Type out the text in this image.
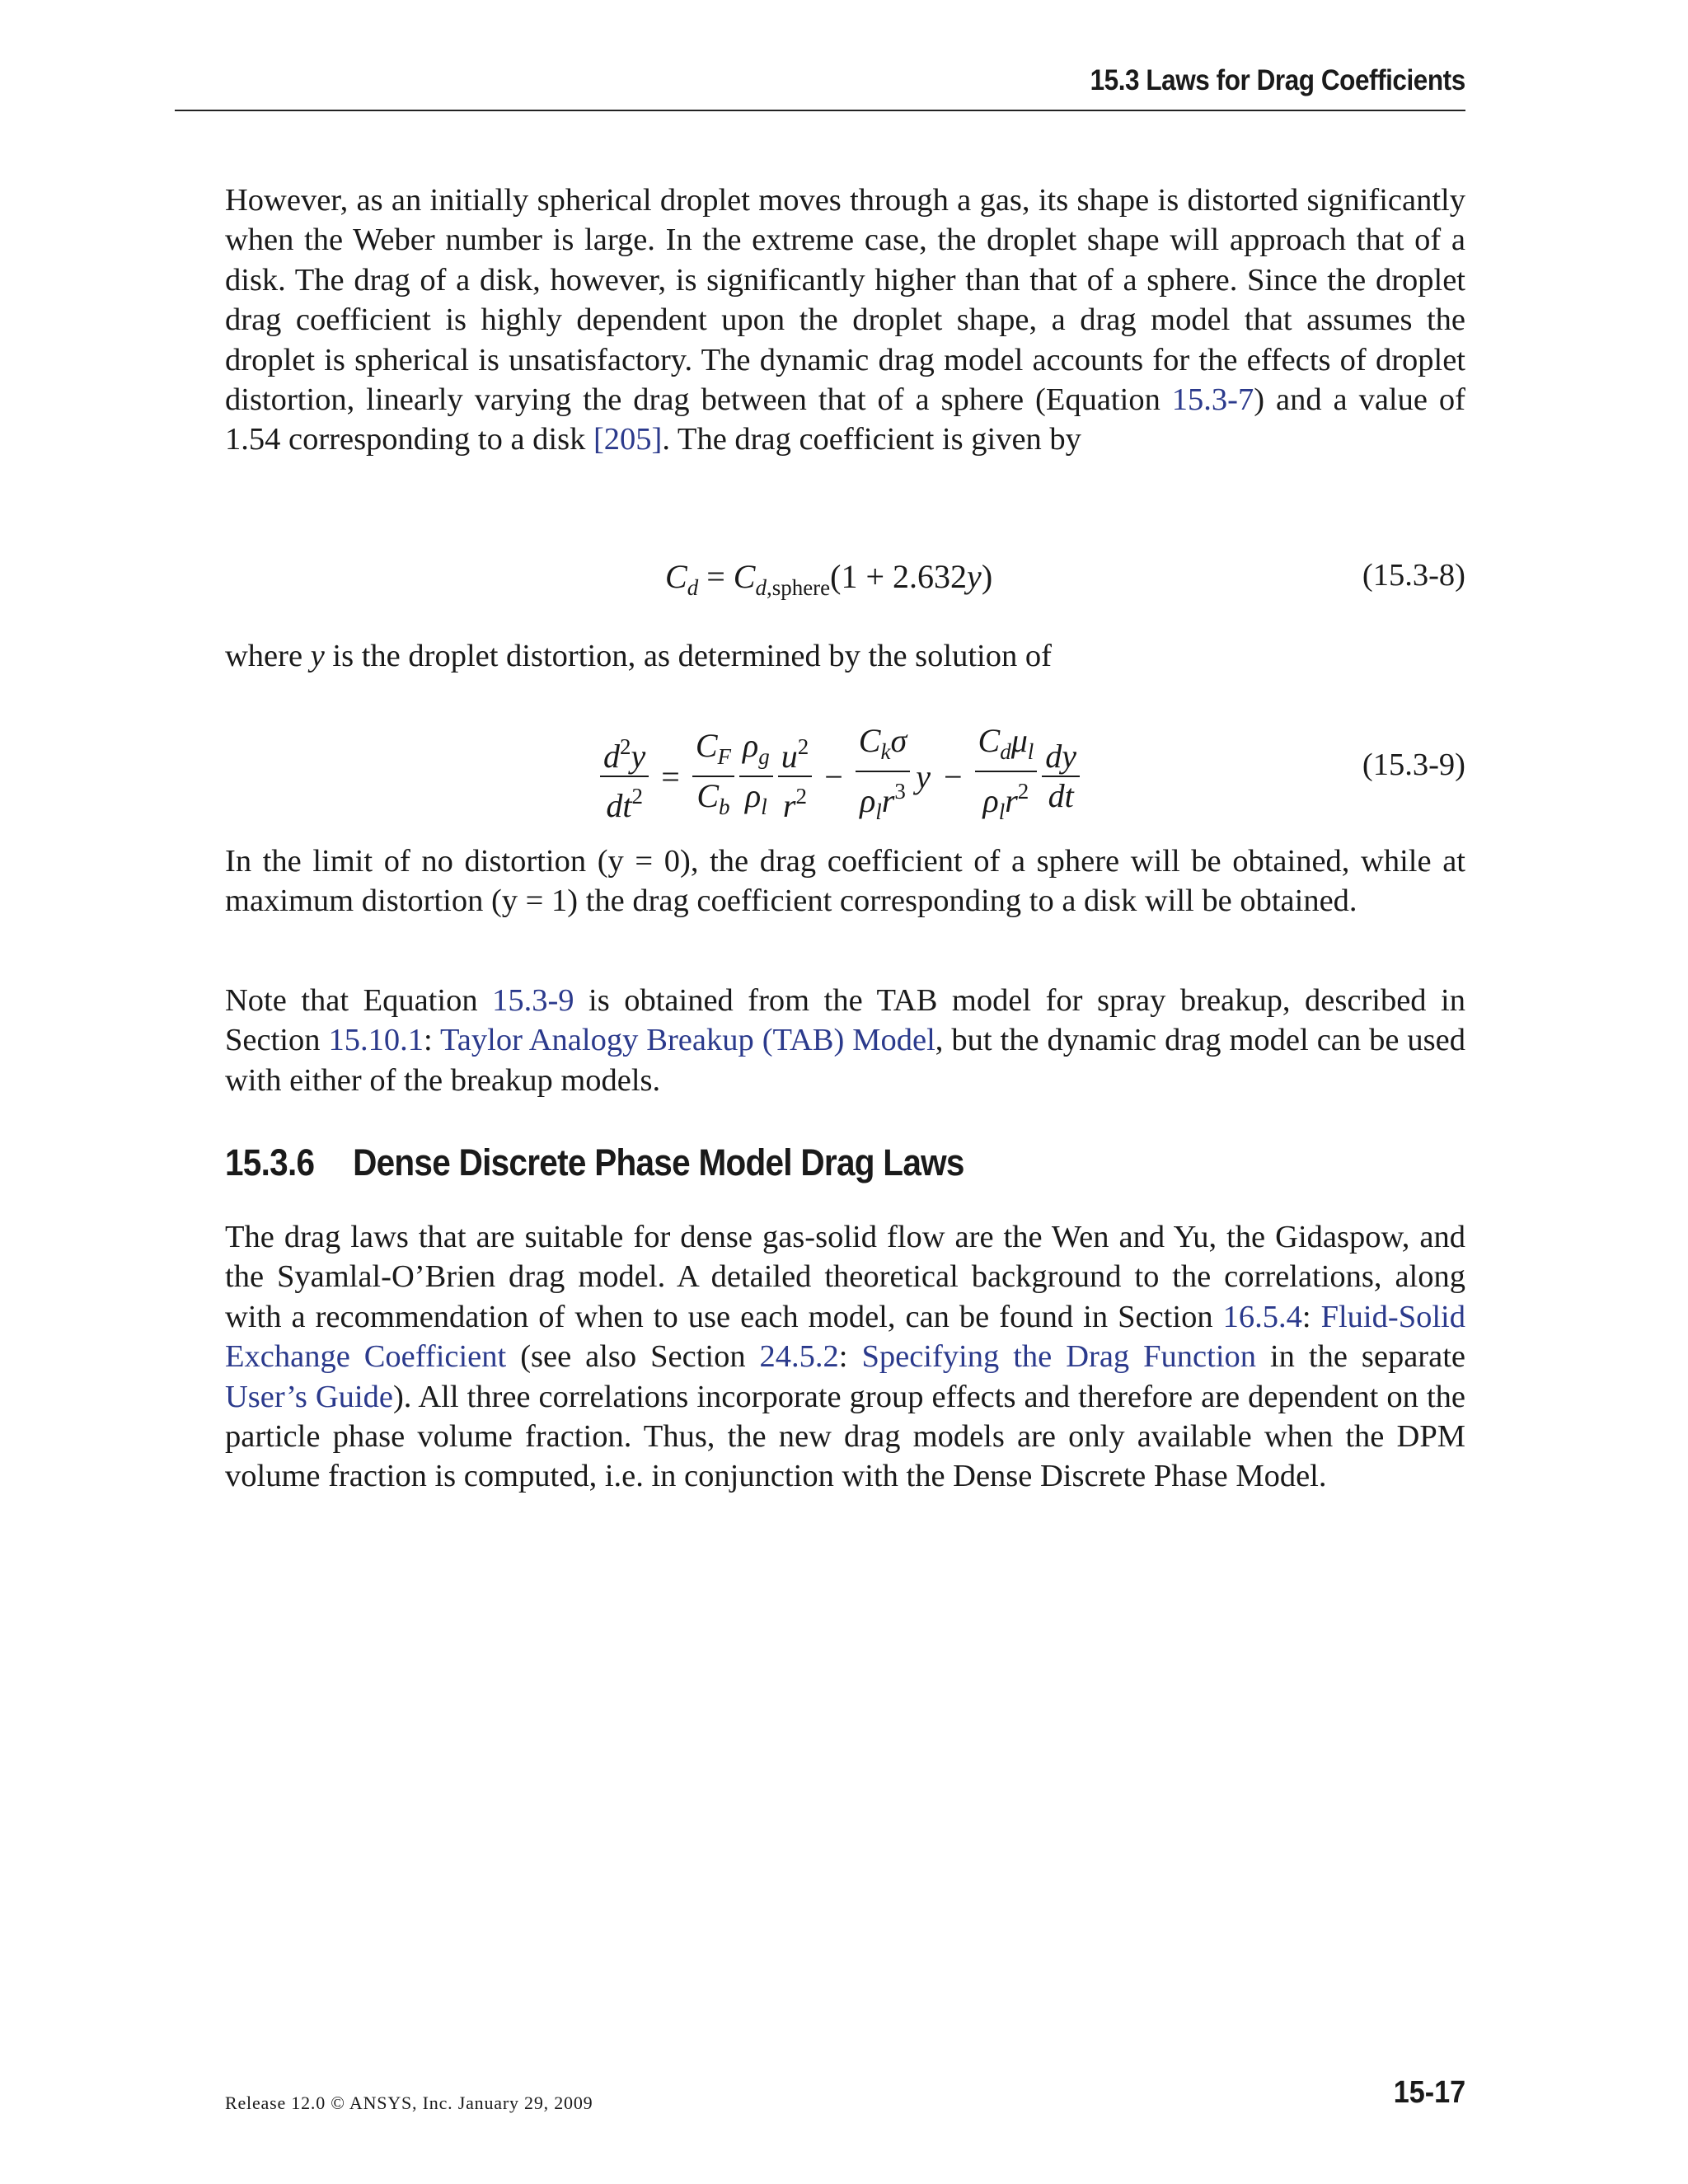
15.3 Laws for Drag Coefficients

However, as an initially spherical droplet moves through a gas, its shape is distorted significantly when the Weber number is large. In the extreme case, the droplet shape will approach that of a disk. The drag of a disk, however, is significantly higher than that of a sphere. Since the droplet drag coefficient is highly dependent upon the droplet shape, a drag model that assumes the droplet is spherical is unsatisfactory. The dynamic drag model accounts for the effects of droplet distortion, linearly varying the drag between that of a sphere (Equation 15.3-7) and a value of 1.54 corresponding to a disk [205]. The drag coefficient is given by

$C_d = C_{d,sphere}(1 + 2.632y)$	(15.3-8)

where y is the droplet distortion, as determined by the solution of

$\frac{d^2y}{dt^2} = \frac{C_F}{C_b} \frac{\rho_g}{\rho_l} \frac{u^2}{r^2} - \frac{C_k\sigma}{\rho_lr^3}$ $y - \frac{C_d\mu_l}{\rho_lr^2} \frac{dy}{dt}$	(15.3-9)

In the limit of no distortion (y = 0), the drag coefficient of a sphere will be obtained, while at maximum distortion (y = 1) the drag coefficient corresponding to a disk will be obtained.

Note that Equation 15.3-9 is obtained from the TAB model for spray breakup, described in Section 15.10.1: Taylor Analogy Breakup (TAB) Model, but the dynamic drag model can be used with either of the breakup models.

15.3.6 Dense Discrete Phase Model Drag Laws

The drag laws that are suitable for dense gas-solid flow are the Wen and Yu, the Gidaspow, and the Syamlal-O’Brien drag model. A detailed theoretical background to the correlations, along with a recommendation of when to use each model, can be found in Section 16.5.4: Fluid-Solid Exchange Coefficient (see also Section 24.5.2: Specifying the Drag Function in the separate User’s Guide). All three correlations incorporate group effects and therefore are dependent on the particle phase volume fraction. Thus, the new drag models are only available when the DPM volume fraction is computed, i.e. in conjunction with the Dense Discrete Phase Model.

Release 12.0 © ANSYS, Inc. January 29, 2009	15-17
